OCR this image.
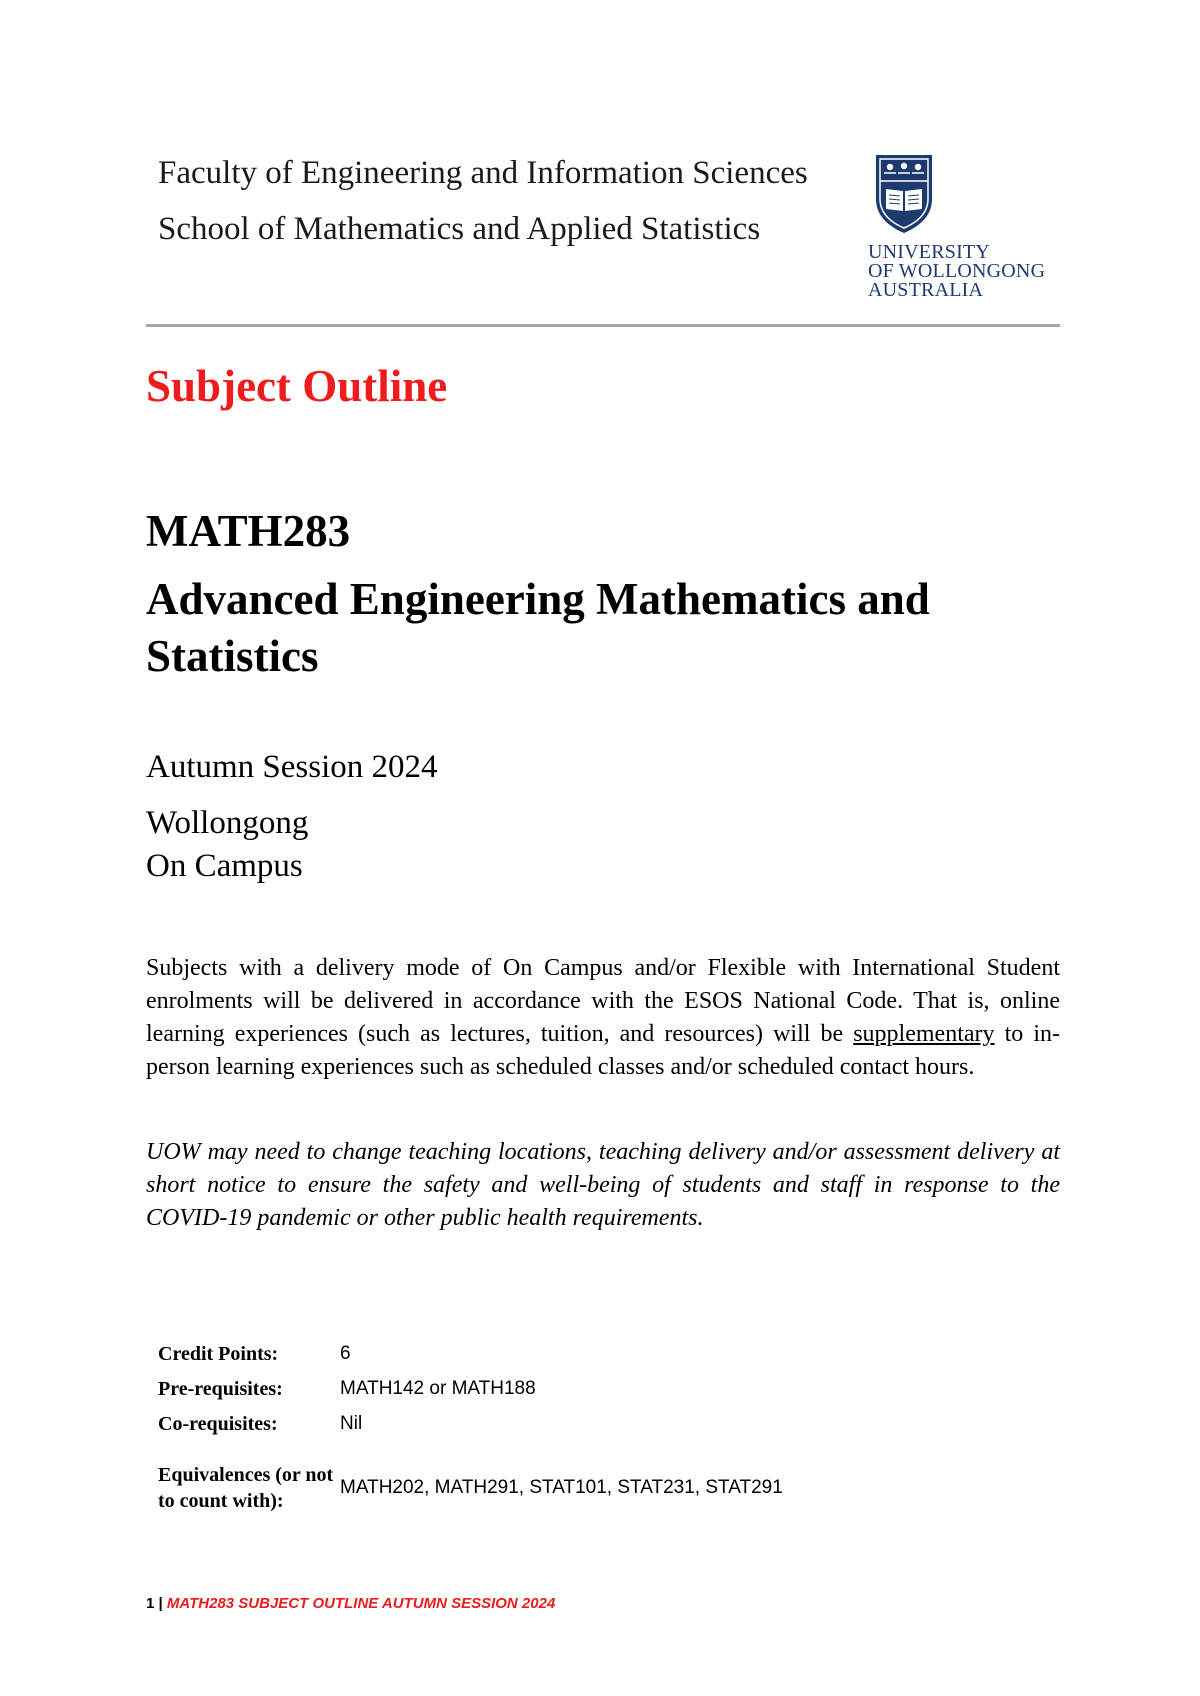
Faculty of Engineering and Information Sciences

School of Mathematics and Applied Statistics

UNIVERSITY
OF WOLLONGONG
AUSTRALIA
Subject Outline
MATH283
Advanced Engineering Mathematics and Statistics

Autumn Session 2024

Wollongong
On Campus

Subjects with a delivery mode of On Campus and/or Flexible with International Student enrolments will be delivered in accordance with the ESOS National Code. That is, online learning experiences (such as lectures, tuition, and resources) will be supplementary to in-person learning experiences such as scheduled classes and/or scheduled contact hours.

UOW may need to change teaching locations, teaching delivery and/or assessment delivery at short notice to ensure the safety and well-being of students and staff in response to the COVID-19 pandemic or other public health requirements.

Credit Points:	6
Pre-requisites:	MATH142 or MATH188
Co-requisites:	Nil
Equivalences (or not to count with):	MATH202, MATH291, STAT101, STAT231, STAT291
1 | MATH283 SUBJECT OUTLINE AUTUMN SESSION 2024
